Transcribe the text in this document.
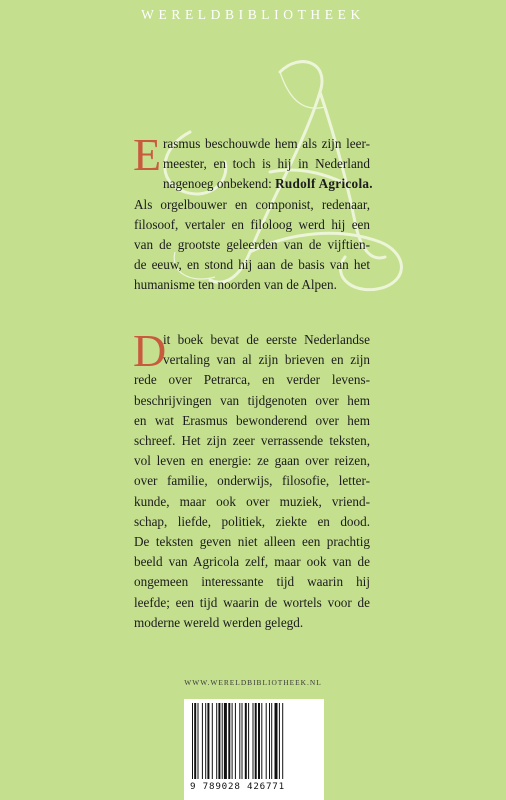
WERELDBIBLIOTHEEK
E rasmus beschouwde hem als zijn leer-
meester, en toch is hij in Nederland
nagenoeg onbekend: Rudolf Agricola.
Als orgelbouwer en componist, redenaar,
filosoof, vertaler en filoloog werd hij een
van de grootste geleerden van de vijftien-
de eeuw, en stond hij aan de basis van het
humanisme ten noorden van de Alpen.
D
it boek bevat de eerste Nederlandse
vertaling van al zijn brieven en zijn
rede over Petrarca, en verder levens-
beschrijvingen van tijdgenoten over hem
en wat Erasmus bewonderend over hem
schreef. Het zijn zeer verrassende teksten,
vol leven en energie: ze gaan over reizen,
over familie, onderwijs, filosofie, letter-
kunde, maar ook over muziek, vriend-
schap, liefde, politiek, ziekte en dood.
De teksten geven niet alleen een prachtig
beeld van Agricola zelf, maar ook van de
ongemeen interessante tijd waarin hij
leefde; een tijd waarin de wortels voor de
moderne wereld werden gelegd.
WWW.WERELDBIBLIOTHEEK.NL
9 789028 426771
